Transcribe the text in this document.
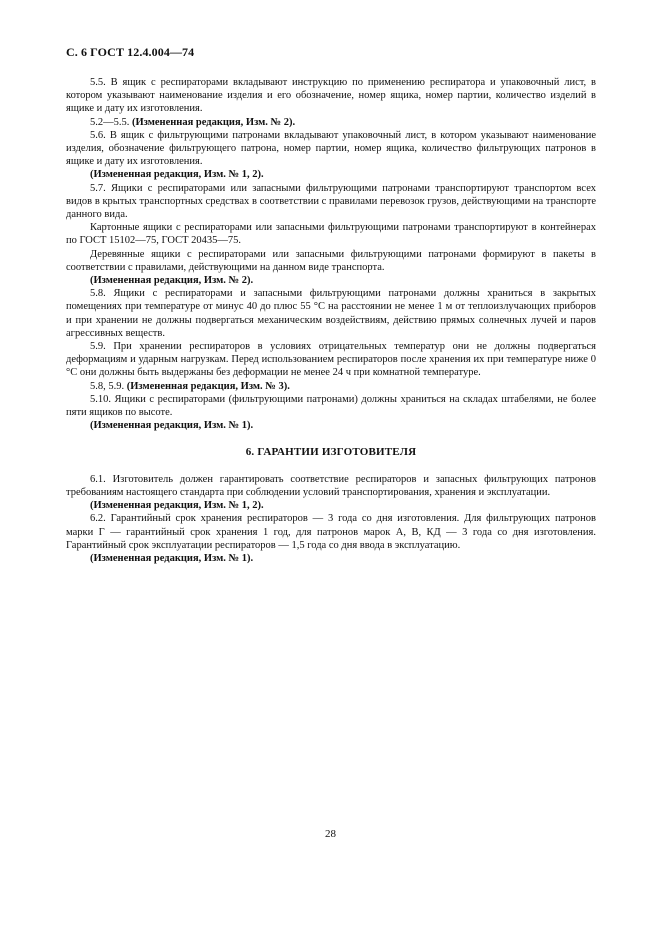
С. 6 ГОСТ 12.4.004—74

5.5. В ящик с респираторами вкладывают инструкцию по применению респиратора и упаковочный лист, в котором указывают наименование изделия и его обозначение, номер ящика, номер партии, количество изделий в ящике и дату их изготовления.

5.2—5.5. (Измененная редакция, Изм. № 2).

5.6. В ящик с фильтрующими патронами вкладывают упаковочный лист, в котором указывают наименование изделия, обозначение фильтрующего патрона, номер партии, номер ящика, количество фильтрующих патронов в ящике и дату их изготовления.

(Измененная редакция, Изм. № 1, 2).

5.7. Ящики с респираторами или запасными фильтрующими патронами транспортируют транспортом всех видов в крытых транспортных средствах в соответствии с правилами перевозок грузов, действующими на транспорте данного вида.

Картонные ящики с респираторами или запасными фильтрующими патронами транспортируют в контейнерах по ГОСТ 15102—75, ГОСТ 20435—75.

Деревянные ящики с респираторами или запасными фильтрующими патронами формируют в пакеты в соответствии с правилами, действующими на данном виде транспорта.

(Измененная редакция, Изм. № 2).

5.8. Ящики с респираторами и запасными фильтрующими патронами должны храниться в закрытых помещениях при температуре от минус 40 до плюс 55 °С на расстоянии не менее 1 м от теплоизлучающих приборов и при хранении не должны подвергаться механическим воздействиям, действию прямых солнечных лучей и паров агрессивных веществ.

5.9. При хранении респираторов в условиях отрицательных температур они не должны подвергаться деформациям и ударным нагрузкам. Перед использованием респираторов после хранения их при температуре ниже 0 °С они должны быть выдержаны без деформации не менее 24 ч при комнатной температуре.

5.8, 5.9. (Измененная редакция, Изм. № 3).

5.10. Ящики с респираторами (фильтрующими патронами) должны храниться на складах штабелями, не более пяти ящиков по высоте.

(Измененная редакция, Изм. № 1).

6. ГАРАНТИИ ИЗГОТОВИТЕЛЯ

6.1. Изготовитель должен гарантировать соответствие респираторов и запасных фильтрующих патронов требованиям настоящего стандарта при соблюдении условий транспортирования, хранения и эксплуатации.

(Измененная редакция, Изм. № 1, 2).

6.2. Гарантийный срок хранения респираторов — 3 года со дня изготовления. Для фильтрующих патронов марки Г — гарантийный срок хранения 1 год, для патронов марок А, В, КД — 3 года со дня изготовления. Гарантийный срок эксплуатации респираторов — 1,5 года со дня ввода в эксплуатацию.

(Измененная редакция, Изм. № 1).

28
